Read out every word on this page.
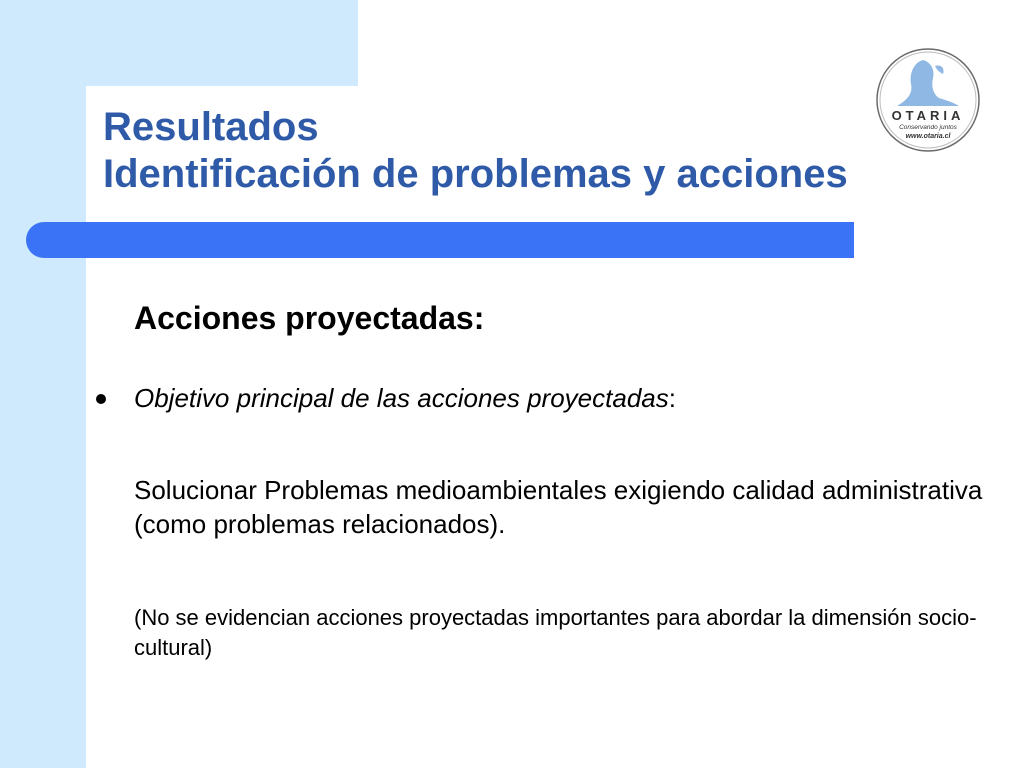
Resultados
Identificación de problemas y acciones
OTARIA
Conservando juntos
www.otaria.cl
Acciones proyectadas:
Objetivo principal de las acciones proyectadas:

Solucionar Problemas medioambientales exigiendo calidad administrativa (como problemas relacionados).

(No se evidencian acciones proyectadas importantes para abordar la dimensión socio-cultural)
